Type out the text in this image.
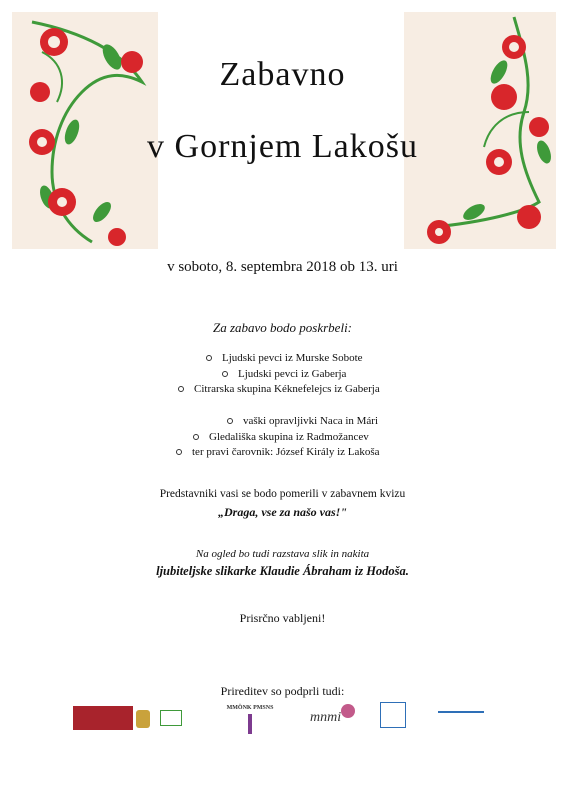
Zabavno
v Gornjem Lakošu
v soboto, 8. septembra 2018 ob 13. uri
Za zabavo bodo poskrbeli:
Ljudski pevci iz Murske Sobote
Ljudski pevci iz Gaberja
Citrarska skupina Kéknefelejcs iz Gaberja
vaški opravljivki Naca in Mári
Gledališka skupina iz Radmožancev
ter pravi čarovnik: József Király iz Lakoša
Predstavniki vasi se bodo pomerili v zabavnem kvizu
„Draga, vse za našo vas!"
Na ogled bo tudi razstava slik in nakita
ljubiteljske slikarke Klaudie Ábraham iz Hodoša.
Prisrčno vabljeni!
Prireditev so podprli tudi:
MMÖNK PMSNS
mnmi
